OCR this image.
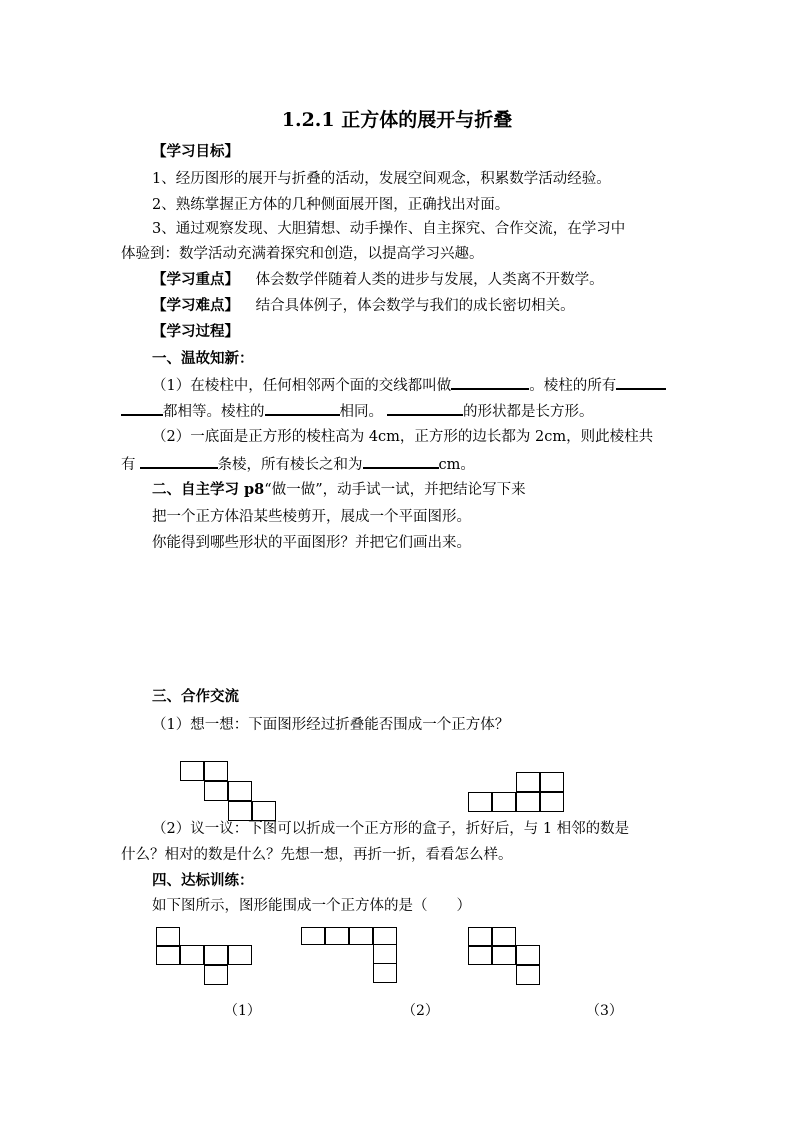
1.2.1 正方体的展开与折叠
【学习目标】
1、经历图形的展开与折叠的活动，发展空间观念，积累数学活动经验。
2、熟练掌握正方体的几种侧面展开图，正确找出对面。
3、通过观察发现、大胆猜想、动手操作、自主探究、合作交流，在学习中
体验到：数学活动充满着探究和创造，以提高学习兴趣。
【学习重点】 体会数学伴随着人类的进步与发展，人类离不开数学。
【学习难点】 结合具体例子，体会数学与我们的成长密切相关。
【学习过程】
一、温故知新：
（1）在棱柱中，任何相邻两个面的交线都叫做	。棱柱的所有
都相等。棱柱的	相同。	的形状都是长方形。
（2）一底面是正方形的棱柱高为 4cm，正方形的边长都为 2cm，则此棱柱共
有	条棱，所有棱长之和为	cm。
二、自主学习 p8“做一做”，动手试一试，并把结论写下来
把一个正方体沿某些棱剪开，展成一个平面图形。
你能得到哪些形状的平面图形？并把它们画出来。
三、合作交流
（1）想一想：下面图形经过折叠能否围成一个正方体？
（2）议一议：下图可以折成一个正方形的盒子，折好后，与 1 相邻的数是
什么？相对的数是什么？先想一想，再折一折，看看怎么样。
四、达标训练：
如下图所示，图形能围成一个正方体的是（　　）
（1）	（2）	（3）
